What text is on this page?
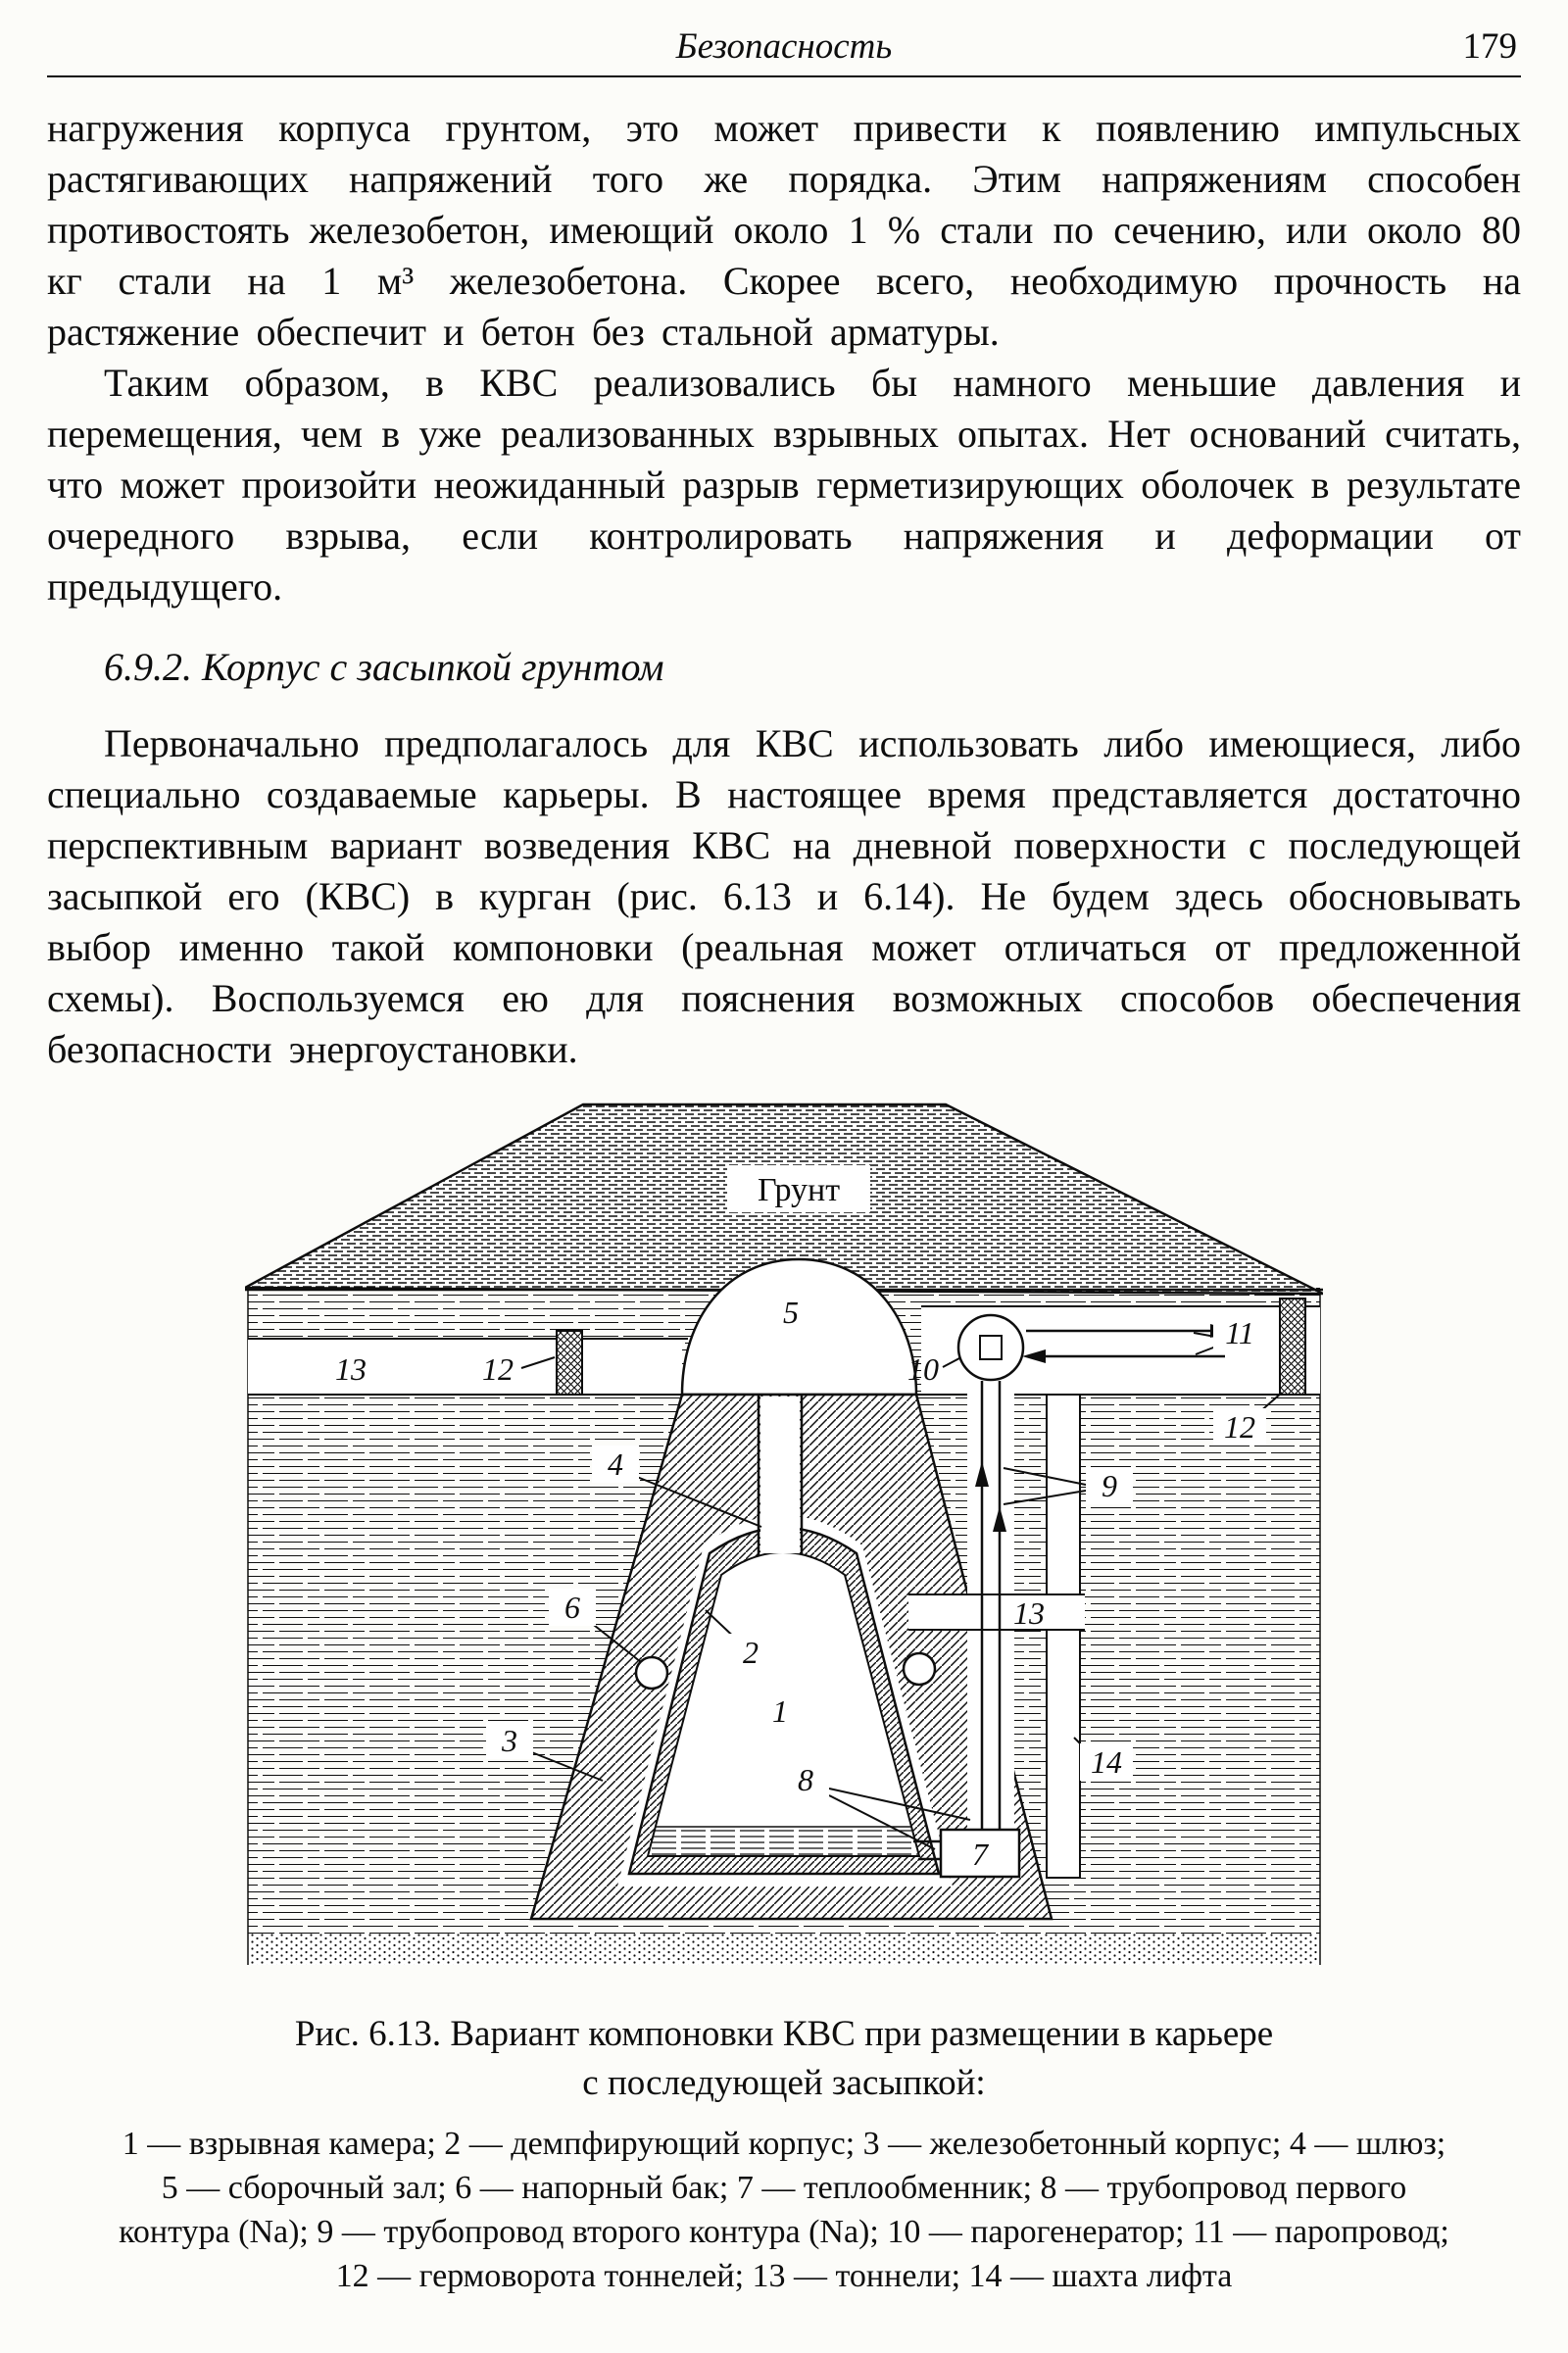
Безопасность	179

нагружения корпуса грунтом, это может привести к появлению импульсных растягивающих напряжений того же порядка. Этим напряжениям способен противостоять железобетон, имеющий около 1 % стали по сечению, или около 80 кг стали на 1 м³ железобетона. Скорее всего, необходимую прочность на растяжение обеспечит и бетон без стальной арматуры.

Таким образом, в КВС реализовались бы намного меньшие давления и перемещения, чем в уже реализованных взрывных опытах. Нет оснований считать, что может произойти неожиданный разрыв герметизирующих оболочек в результате очередного взрыва, если контролировать напряжения и деформации от предыдущего.

6.9.2. Корпус с засыпкой грунтом

Первоначально предполагалось для КВС использовать либо имеющиеся, либо специально создаваемые карьеры. В настоящее время представляется достаточно перспективным вариант возведения КВС на дневной поверхности с последующей засыпкой его (КВС) в курган (рис. 6.13 и 6.14). Не будем здесь обосновывать выбор именно такой компоновки (реальная может отличаться от предложенной схемы). Воспользуемся ею для пояснения возможных способов обеспечения безопасности энергоустановки.

Грунт
5
13	12	10
11
12
4
9
6
2
13
1
3
8	14
7
Рис. 6.13. Вариант компоновки КВС при размещении в карьере
с последующей засыпкой:
1 — взрывная камера; 2 — демпфирующий корпус; 3 — железобетонный корпус; 4 — шлюз;
5 — сборочный зал; 6 — напорный бак; 7 — теплообменник; 8 — трубопровод первого
контура (Na); 9 — трубопровод второго контура (Na); 10 — парогенератор; 11 — паропровод;
12 — гермоворота тоннелей; 13 — тоннели; 14 — шахта лифта
